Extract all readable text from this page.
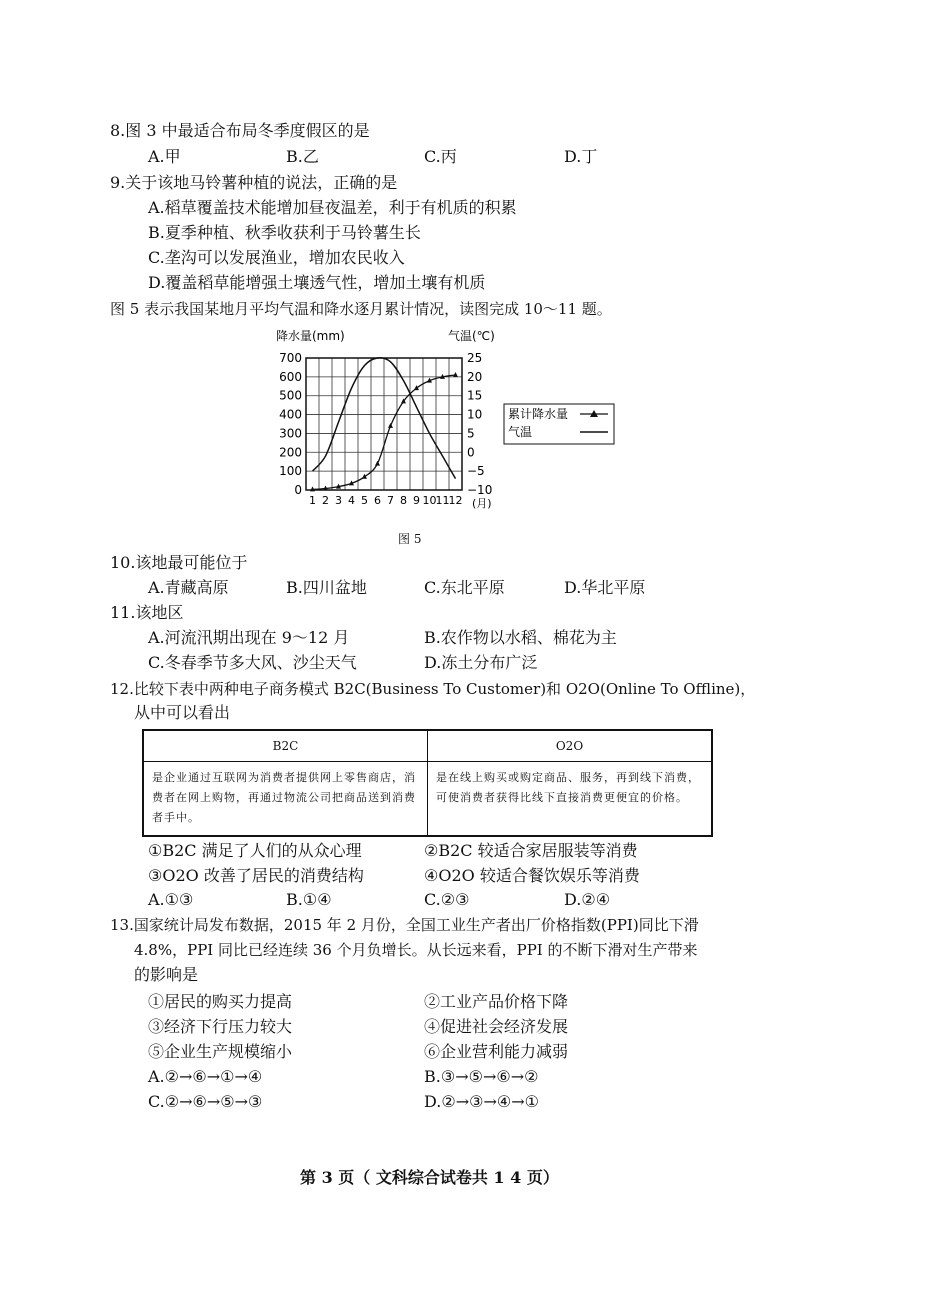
8.图 3 中最适合布局冬季度假区的是
A.甲	B.乙	C.丙	D.丁
9.关于该地马铃薯种植的说法，正确的是
A.稻草覆盖技术能增加昼夜温差，利于有机质的积累
B.夏季种植、秋季收获利于马铃薯生长
C.垄沟可以发展渔业，增加农民收入
D.覆盖稻草能增强土壤透气性，增加土壤有机质
图 5 表示我国某地月平均气温和降水逐月累计情况，读图完成 10～11 题。
降水量(mm)	气温(℃)
0
100
200
300
400
500
600
700
−10
−5
0
5
10
15
20
25
1 2 3 4 5 6 7 8 9 10 11 12 (月)
累计降水量
气温
图 5
10.该地最可能位于
A.青藏高原	B.四川盆地	C.东北平原	D.华北平原
11.该地区
A.河流汛期出现在 9～12 月	B.农作物以水稻、棉花为主
C.冬春季节多大风、沙尘天气	D.冻土分布广泛
12.比较下表中两种电子商务模式 B2C(Business To Customer)和 O2O(Online To Offline)，
从中可以看出
B2C	O2O
是企业通过互联网为消费者提供网上零售商店，消费者在网上购物，再通过物流公司把商品送到消费者手中。	是在线上购买或购定商品、服务，再到线下消费，可使消费者获得比线下直接消费更便宜的价格。
①B2C 满足了人们的从众心理	②B2C 较适合家居服装等消费
③O2O 改善了居民的消费结构	④O2O 较适合餐饮娱乐等消费
A.①③	B.①④	C.②③	D.②④
13.国家统计局发布数据，2015 年 2 月份，全国工业生产者出厂价格指数(PPI)同比下滑
4.8%，PPI 同比已经连续 36 个月负增长。从长远来看，PPI 的不断下滑对生产带来
的影响是
①居民的购买力提高	②工业产品价格下降
③经济下行压力较大	④促进社会经济发展
⑤企业生产规模缩小	⑥企业营利能力减弱
A.②→⑥→①→④	B.③→⑤→⑥→②
C.②→⑥→⑤→③	D.②→③→④→①
第 3 页（ 文科综合试卷共 1 4 页）
